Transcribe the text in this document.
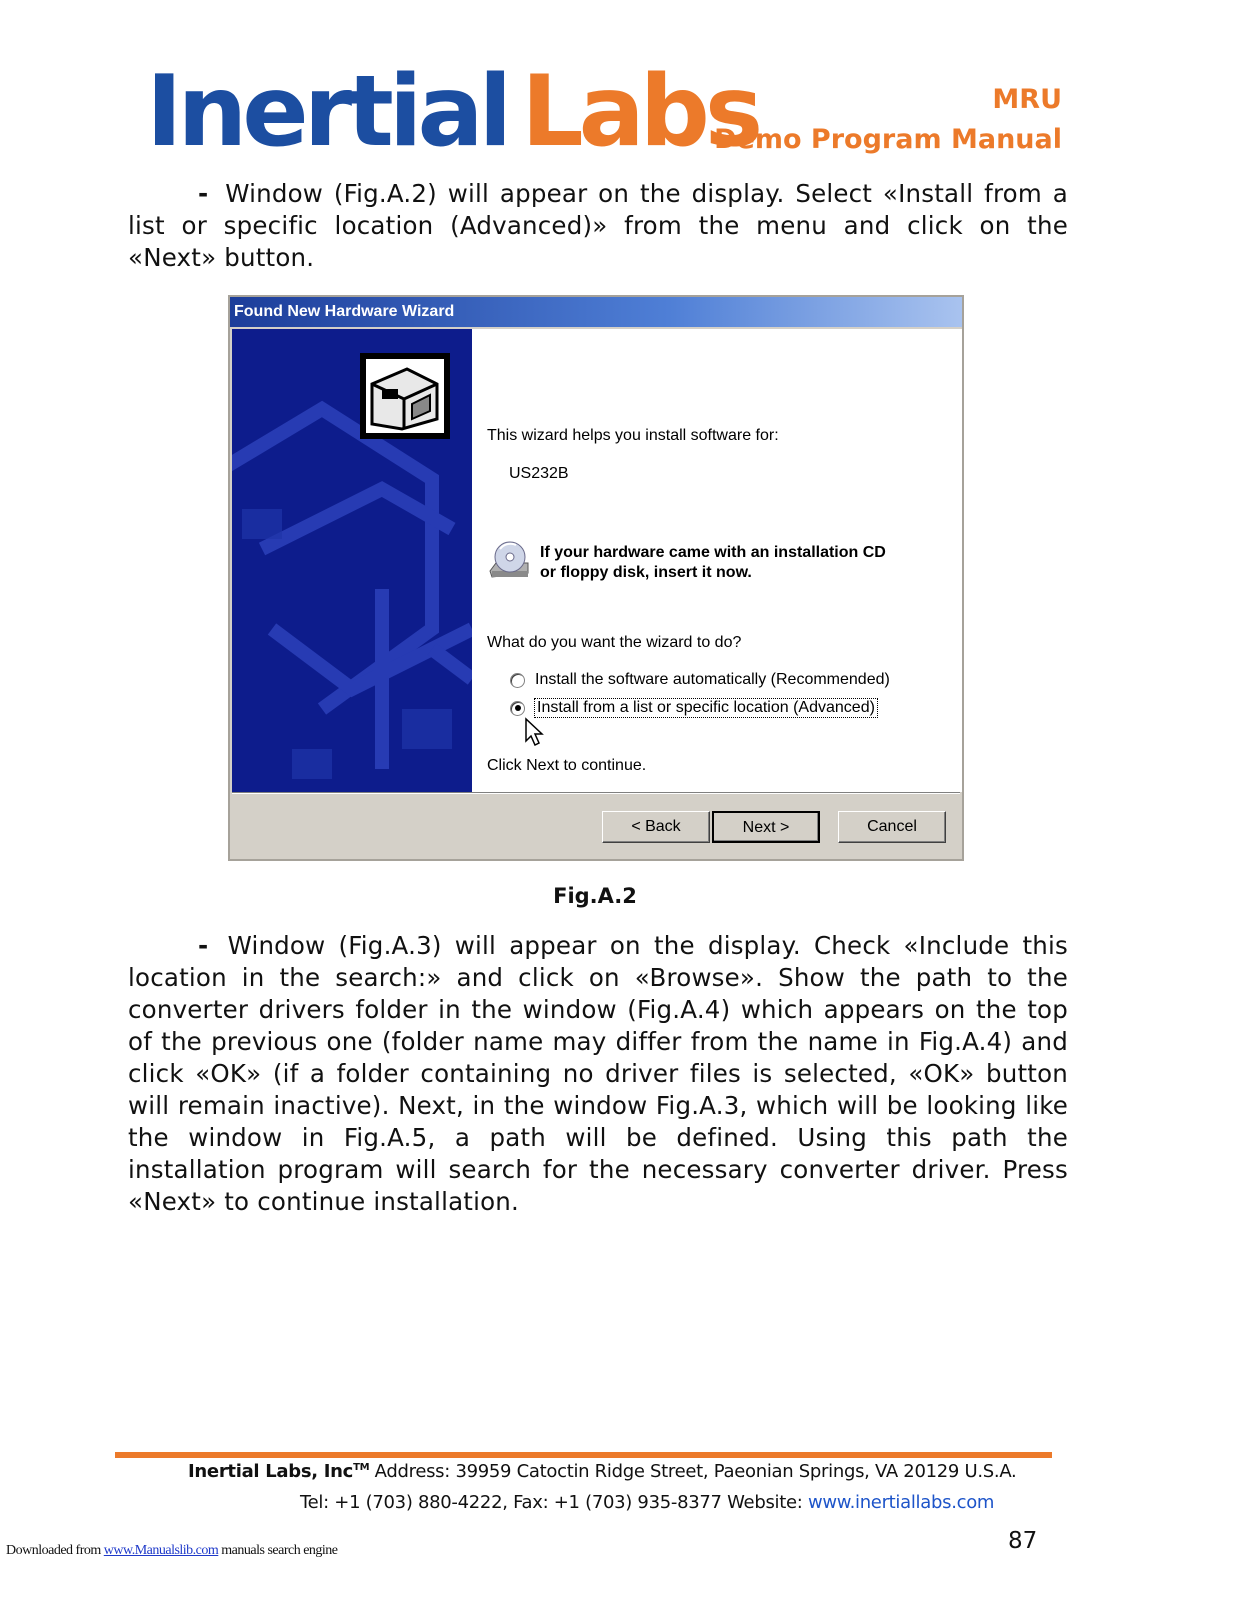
Inertial Labs	MRU
Demo Program Manual
- Window (Fig.A.2) will appear on the display. Select «Install from a list or specific location (Advanced)» from the menu and click on the «Next» button.
Found New Hardware Wizard
This wizard helps you install software for:
US232B
If your hardware came with an installation CD
or floppy disk, insert it now.
What do you want the wizard to do?
Install the software automatically (Recommended)
Install from a list or specific location (Advanced)
Click Next to continue.
< Back	Next >	Cancel
Fig.A.2
- Window (Fig.A.3) will appear on the display. Check «Include this location in the search:» and click on «Browse». Show the path to the converter drivers folder in the window (Fig.A.4) which appears on the top of the previous one (folder name may differ from the name in Fig.A.4) and click «OK» (if a folder containing no driver files is selected, «OK» button will remain inactive). Next, in the window Fig.A.3, which will be looking like the window in Fig.A.5, a path will be defined. Using this path the installation program will search for the necessary converter driver. Press «Next» to continue installation.
Inertial Labs, Inc™ Address: 39959 Catoctin Ridge Street, Paeonian Springs, VA 20129 U.S.A.
Tel: +1 (703) 880-4222, Fax: +1 (703) 935-8377 Website: www.inertiallabs.com
87
Downloaded from www.Manualslib.com manuals search engine
